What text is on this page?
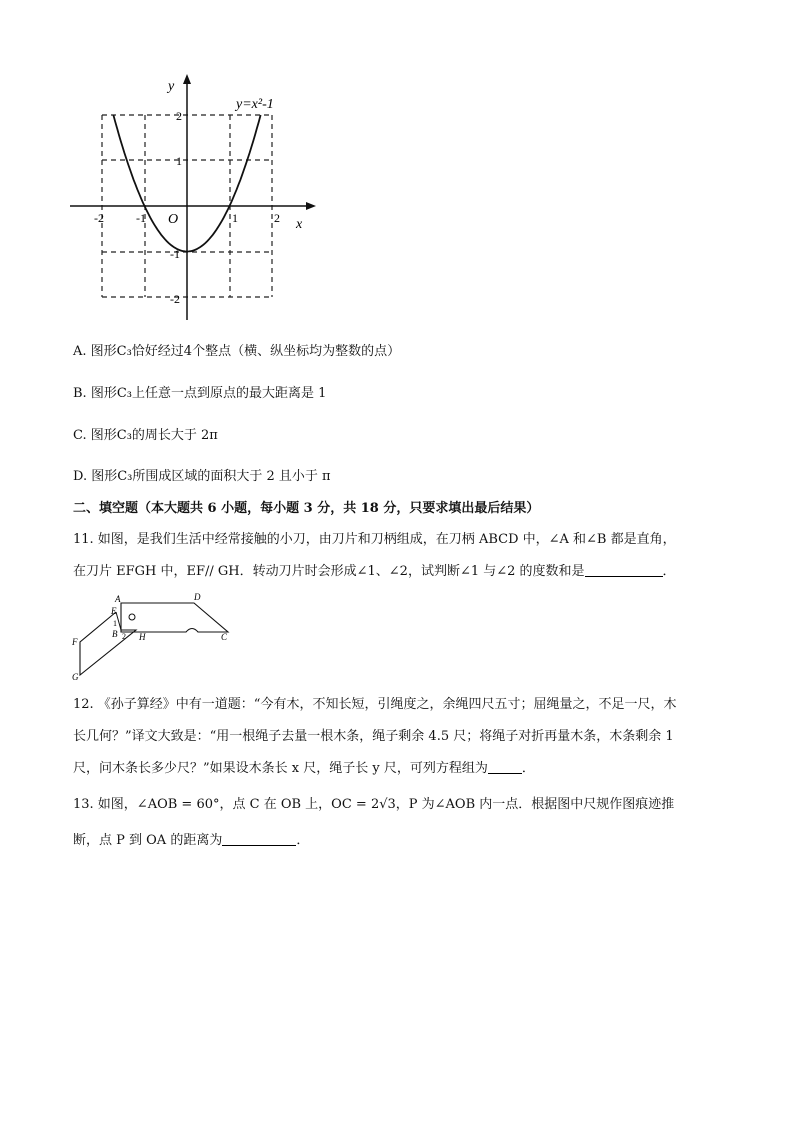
y
x
O
y=x²-1
-2	-1	1	2
2
1
-1
-2
A. 图形C₃恰好经过4个整点（横、纵坐标均为整数的点）
B. 图形C₃上任意一点到原点的最大距离是 1
C. 图形C₃的周长大于 2π
D. 图形C₃所围成区域的面积大于 2 且小于 π
二、填空题（本大题共 6 小题，每小题 3 分，共 18 分，只要求填出最后结果）
11. 如图，是我们生活中经常接触的小刀，由刀片和刀柄组成，在刀柄 ABCD 中，∠A 和∠B 都是直角，
在刀片 EFGH 中，EF// GH．转动刀片时会形成∠1、∠2，试判断∠1 与∠2 的度数和是	．
A	D
E
1
B 2 H	C
F
G
12. 《孙子算经》中有一道题：“今有木，不知长短，引绳度之，余绳四尺五寸；屈绳量之，不足一尺，木
长几何？”译文大致是：“用一根绳子去量一根木条，绳子剩余 4.5 尺；将绳子对折再量木条，木条剩余 1
尺，问木条长多少尺？”如果设木条长 x 尺，绳子长 y 尺，可列方程组为	．
13. 如图，∠AOB = 60°，点 C 在 OB 上，OC = 2√3，P 为∠AOB 内一点．根据图中尺规作图痕迹推
断，点 P 到 OA 的距离为	．
